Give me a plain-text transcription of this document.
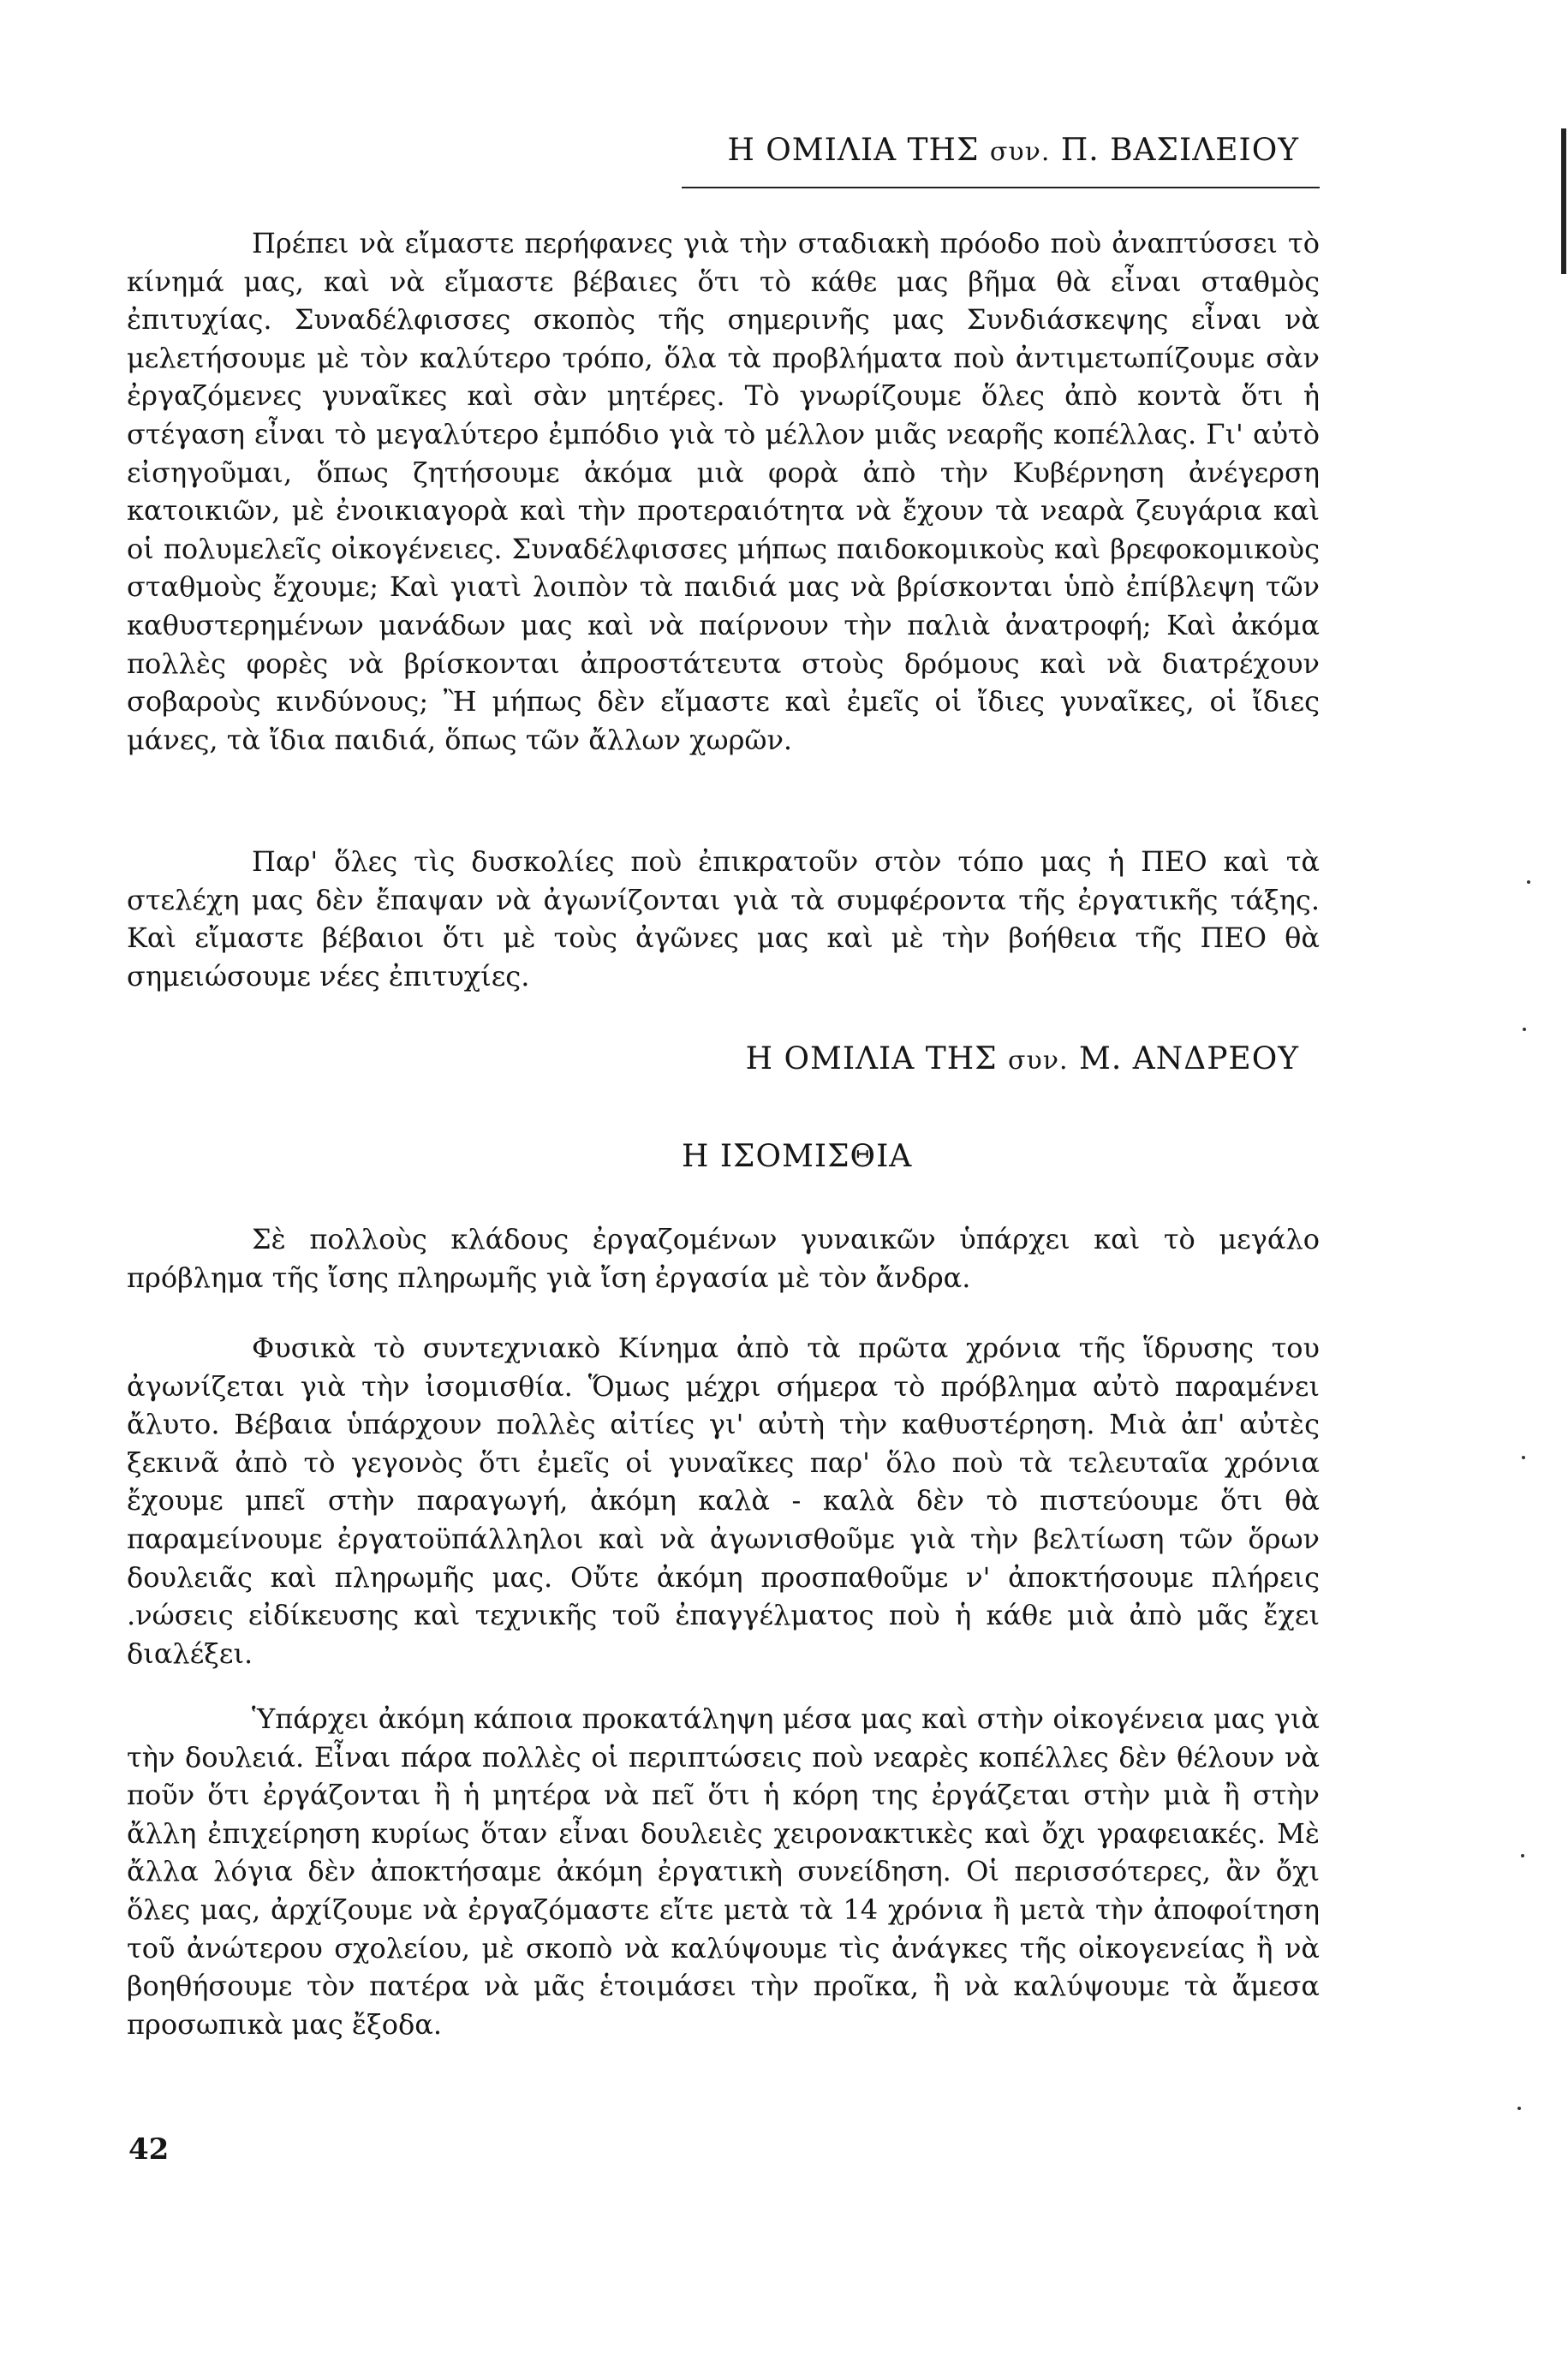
Η ΟΜΙΛΙΑ ΤΗΣ συν. Π. ΒΑΣΙΛΕΙΟΥ

Πρέπει νὰ εἴμαστε περήφανες γιὰ τὴν σταδιακὴ πρόοδο ποὺ ἀναπτύσσει τὸ κίνημά μας, καὶ νὰ εἴμαστε βέβαιες ὅτι τὸ κάθε μας βῆμα θὰ εἶναι σταθμὸς ἐπιτυχίας. Συναδέλφισσες σκοπὸς τῆς σημερινῆς μας Συνδιάσκεψης εἶναι νὰ μελετήσουμε μὲ τὸν καλύτερο τρόπο, ὅλα τὰ προβλήματα ποὺ ἀντιμετωπίζουμε σὰν ἐργαζόμενες γυναῖκες καὶ σὰν μητέρες. Τὸ γνωρίζουμε ὅλες ἀπὸ κοντὰ ὅτι ἡ στέγαση εἶναι τὸ μεγαλύτερο ἐμπόδιο γιὰ τὸ μέλλον μιᾶς νεαρῆς κοπέλλας. Γι' αὐτὸ εἰσηγοῦμαι, ὅπως ζητήσουμε ἀκόμα μιὰ φορὰ ἀπὸ τὴν Κυβέρνηση ἀνέγερση κατοικιῶν, μὲ ἐνοικιαγορὰ καὶ τὴν προτεραιότητα νὰ ἔχουν τὰ νεαρὰ ζευγάρια καὶ οἱ πολυμελεῖς οἰκογένειες. Συναδέλφισσες μήπως παιδοκομικοὺς καὶ βρεφοκομικοὺς σταθμοὺς ἔχουμε; Καὶ γιατὶ λοιπὸν τὰ παιδιά μας νὰ βρίσκονται ὑπὸ ἐπίβλεψη τῶν καθυστερημένων μανάδων μας καὶ νὰ παίρνουν τὴν παλιὰ ἀνατροφή; Καὶ ἀκόμα πολλὲς φορὲς νὰ βρίσκονται ἀπροστάτευτα στοὺς δρόμους καὶ νὰ διατρέχουν σοβαροὺς κινδύνους; Ἢ μήπως δὲν εἴμαστε καὶ ἐμεῖς οἱ ἴδιες γυναῖκες, οἱ ἴδιες μάνες, τὰ ἴδια παιδιά, ὅπως τῶν ἄλλων χωρῶν.

Παρ' ὅλες τὶς δυσκολίες ποὺ ἐπικρατοῦν στὸν τόπο μας ἡ ΠΕΟ καὶ τὰ στελέχη μας δὲν ἔπαψαν νὰ ἀγωνίζονται γιὰ τὰ συμφέροντα τῆς ἐργατικῆς τάξης. Καὶ εἴμαστε βέβαιοι ὅτι μὲ τοὺς ἀγῶνες μας καὶ μὲ τὴν βοήθεια τῆς ΠΕΟ θὰ σημειώσουμε νέες ἐπιτυχίες.

Η ΟΜΙΛΙΑ ΤΗΣ συν. Μ. ΑΝΔΡΕΟΥ
Η ΙΣΟΜΙΣΘΙΑ

Σὲ πολλοὺς κλάδους ἐργαζομένων γυναικῶν ὑπάρχει καὶ τὸ μεγάλο πρόβλημα τῆς ἴσης πληρωμῆς γιὰ ἴση ἐργασία μὲ τὸν ἄνδρα.

Φυσικὰ τὸ συντεχνιακὸ Κίνημα ἀπὸ τὰ πρῶτα χρόνια τῆς ἵδρυσης του ἀγωνίζεται γιὰ τὴν ἰσομισθία. Ὅμως μέχρι σήμερα τὸ πρόβλημα αὐτὸ παραμένει ἄλυτο. Βέβαια ὑπάρχουν πολλὲς αἰτίες γι' αὐτὴ τὴν καθυστέρηση. Μιὰ ἀπ' αὐτὲς ξεκινᾶ ἀπὸ τὸ γεγονὸς ὅτι ἐμεῖς οἱ γυναῖκες παρ' ὅλο ποὺ τὰ τελευταῖα χρόνια ἔχουμε μπεῖ στὴν παραγωγή, ἀκόμη καλὰ - καλὰ δὲν τὸ πιστεύουμε ὅτι θὰ παραμείνουμε ἐργατοϋπάλληλοι καὶ νὰ ἀγωνισθοῦμε γιὰ τὴν βελτίωση τῶν ὅρων δουλειᾶς καὶ πληρωμῆς μας. Οὔτε ἀκόμη προσπαθοῦμε ν' ἀποκτήσουμε πλήρεις .νώσεις εἰδίκευσης καὶ τεχνικῆς τοῦ ἐπαγγέλματος ποὺ ἡ κάθε μιὰ ἀπὸ μᾶς ἔχει διαλέξει.

Ὑπάρχει ἀκόμη κάποια προκατάληψη μέσα μας καὶ στὴν οἰκογένεια μας γιὰ τὴν δουλειά. Εἶναι πάρα πολλὲς οἱ περιπτώσεις ποὺ νεαρὲς κοπέλλες δὲν θέλουν νὰ ποῦν ὅτι ἐργάζονται ἢ ἡ μητέρα νὰ πεῖ ὅτι ἡ κόρη της ἐργάζεται στὴν μιὰ ἢ στὴν ἄλλη ἐπιχείρηση κυρίως ὅταν εἶναι δουλειὲς χειρονακτικὲς καὶ ὄχι γραφειακές. Μὲ ἄλλα λόγια δὲν ἀποκτήσαμε ἀκόμη ἐργατικὴ συνείδηση. Οἱ περισσότερες, ἂν ὄχι ὅλες μας, ἀρχίζουμε νὰ ἐργαζόμαστε εἴτε μετὰ τὰ 14 χρόνια ἢ μετὰ τὴν ἀποφοίτηση τοῦ ἀνώτερου σχολείου, μὲ σκοπὸ νὰ καλύψουμε τὶς ἀνάγκες τῆς οἰκογενείας ἢ νὰ βοηθήσουμε τὸν πατέρα νὰ μᾶς ἑτοιμάσει τὴν προῖκα, ἢ νὰ καλύψουμε τὰ ἄμεσα προσωπικὰ μας ἔξοδα.

42
